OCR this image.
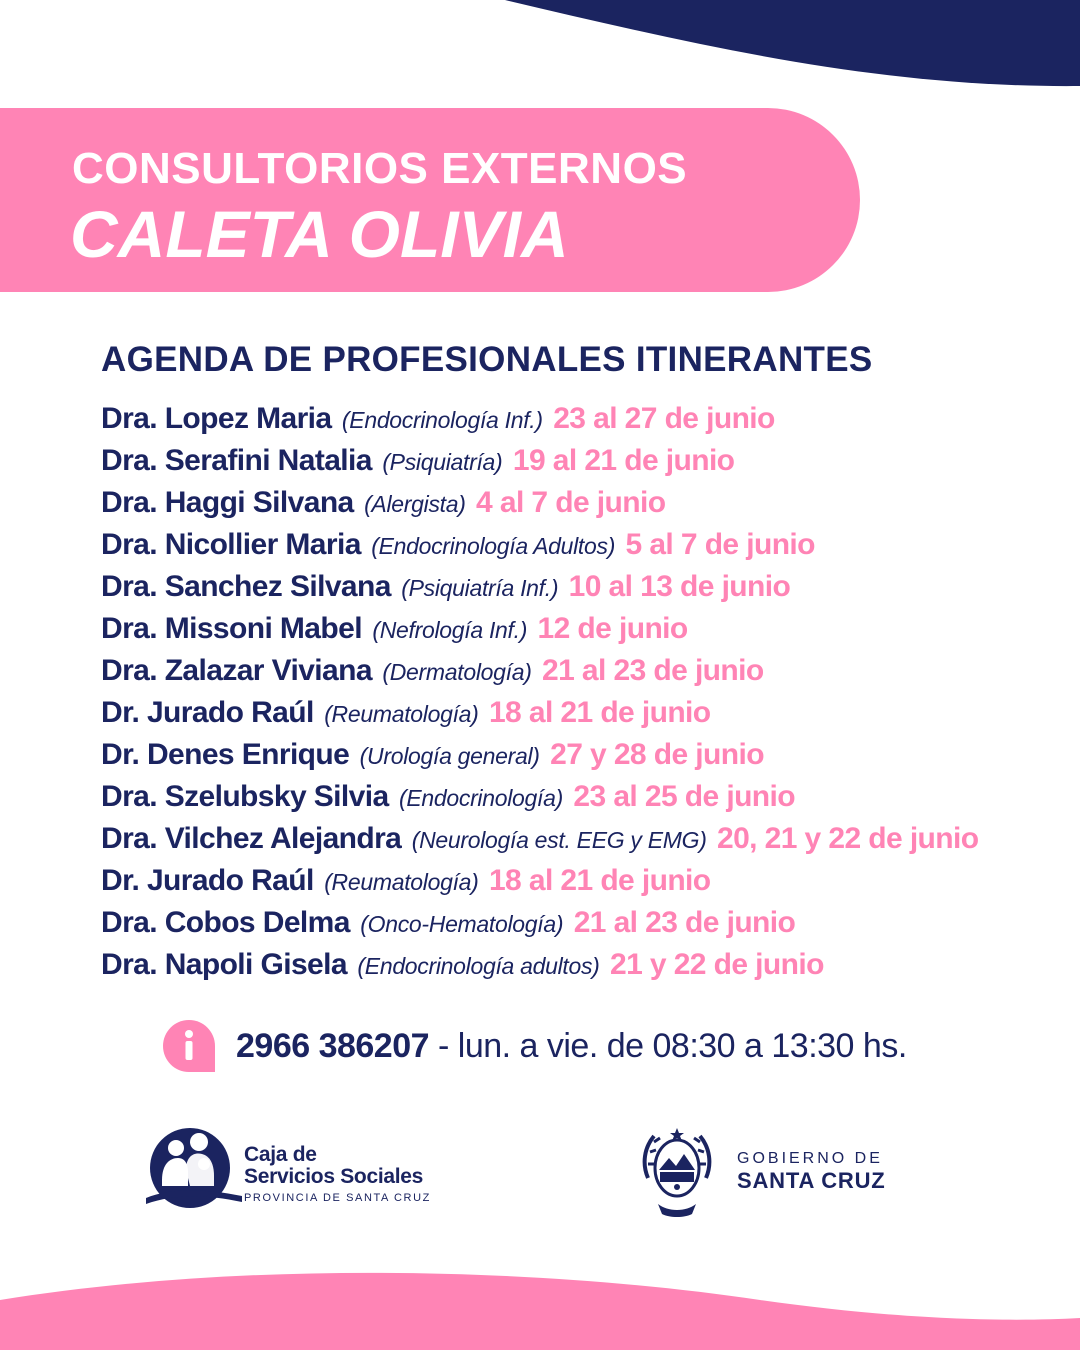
CONSULTORIOS EXTERNOS
CALETA OLIVIA
AGENDA DE PROFESIONALES ITINERANTES
Dra. Lopez Maria (Endocrinología Inf.) 23 al 27 de junio
Dra. Serafini Natalia (Psiquiatría) 19 al 21 de junio
Dra. Haggi Silvana (Alergista) 4 al 7 de junio
Dra. Nicollier Maria (Endocrinología Adultos) 5 al 7 de junio
Dra. Sanchez Silvana (Psiquiatría Inf.) 10 al 13 de junio
Dra. Missoni Mabel (Nefrología Inf.) 12 de junio
Dra. Zalazar Viviana (Dermatología) 21 al 23 de junio
Dr. Jurado Raúl (Reumatología) 18 al 21 de junio
Dr. Denes Enrique (Urología general) 27 y 28 de junio
Dra. Szelubsky Silvia (Endocrinología) 23 al 25 de junio
Dra. Vilchez Alejandra (Neurología est. EEG y EMG) 20, 21 y 22 de junio
Dr. Jurado Raúl (Reumatología) 18 al 21 de junio
Dra. Cobos Delma (Onco-Hematología) 21 al 23 de junio
Dra. Napoli Gisela (Endocrinología adultos) 21 y 22 de junio
2966 386207 - lun. a vie. de 08:30 a 13:30 hs.
Caja de
Servicios Sociales
PROVINCIA DE SANTA CRUZ
GOBIERNO DE
SANTA CRUZ
